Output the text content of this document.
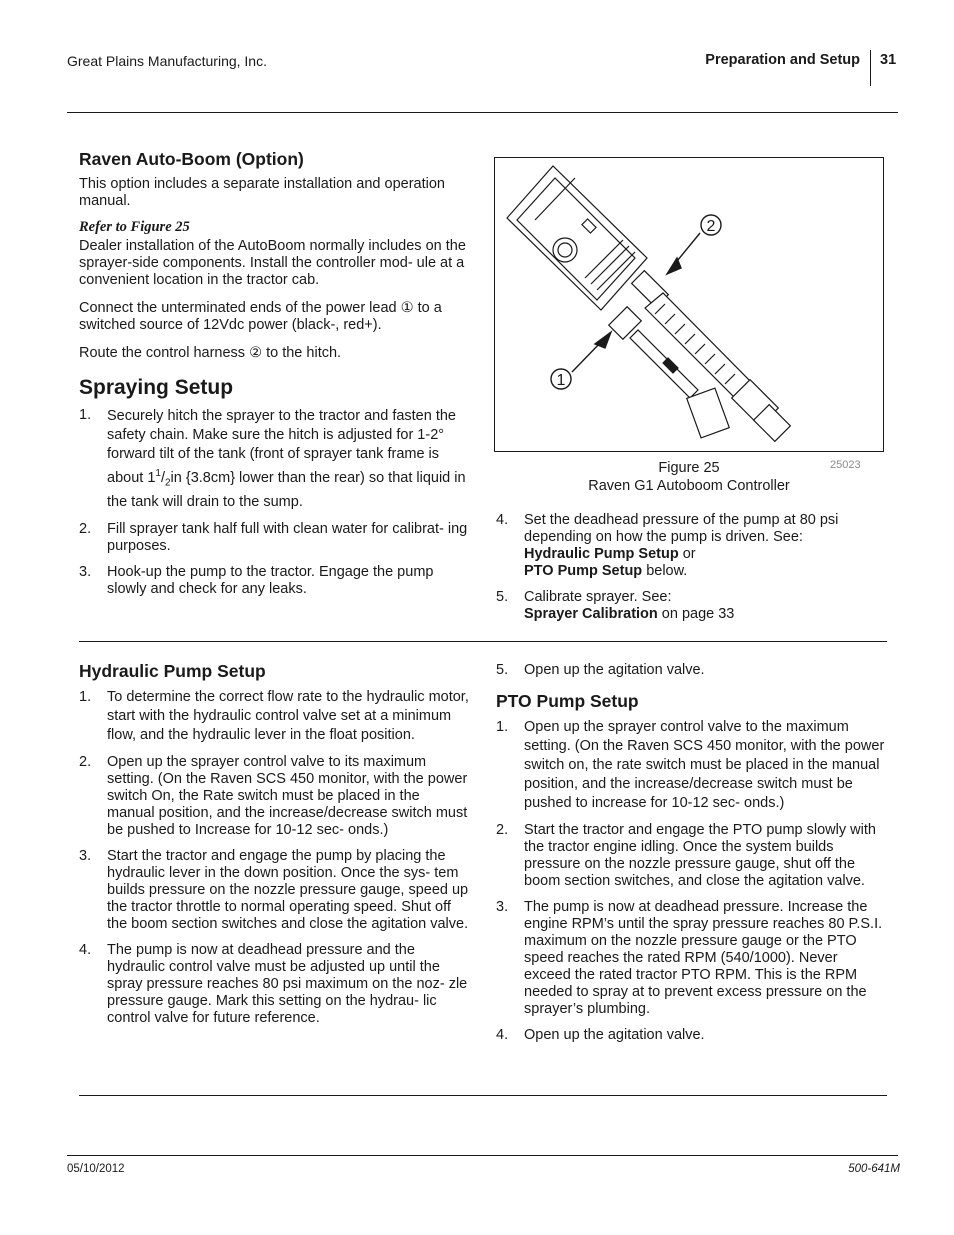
Great Plains Manufacturing, Inc.	Preparation and Setup 31
Raven Auto-Boom (Option)

This option includes a separate installation and operation manual.

Refer to Figure 25

Dealer installation of the AutoBoom normally includes on the sprayer-side components. Install the controller mod- ule at a convenient location in the tractor cab.

Connect the unterminated ends of the power lead ① to a switched source of 12Vdc power (black-, red+).

Route the control harness ② to the hitch.

Spraying Setup
1. Securely hitch the sprayer to the tractor and fasten the safety chain. Make sure the hitch is adjusted for 1-2° forward tilt of the tank (front of sprayer tank frame is about $1^1/_2in$ {3.8cm} lower than the rear) so that liquid in the tank will drain to the sump.
2. Fill sprayer tank half full with clean water for calibrat- ing purposes.
3. Hook-up the pump to the tractor. Engage the pump slowly and check for any leaks.
2
1
Figure 25
Raven G1 Autoboom Controller
25023
4. Set the deadhead pressure of the pump at 80 psi depending on how the pump is driven. See:
Hydraulic Pump Setup or
PTO Pump Setup below.
5. Calibrate sprayer. See:
Sprayer Calibration on page 33
Hydraulic Pump Setup
1. To determine the correct flow rate to the hydraulic motor, start with the hydraulic control valve set at a minimum flow, and the hydraulic lever in the float position.
2. Open up the sprayer control valve to its maximum setting. (On the Raven SCS 450 monitor, with the power switch On, the Rate switch must be placed in the manual position, and the increase/decrease switch must be pushed to Increase for 10-12 sec- onds.)
3. Start the tractor and engage the pump by placing the hydraulic lever in the down position. Once the sys- tem builds pressure on the nozzle pressure gauge, speed up the tractor throttle to normal operating speed. Shut off the boom section switches and close the agitation valve.
4. The pump is now at deadhead pressure and the hydraulic control valve must be adjusted up until the spray pressure reaches 80 psi maximum on the noz- zle pressure gauge. Mark this setting on the hydrau- lic control valve for future reference.
5. Open up the agitation valve.
PTO Pump Setup
1. Open up the sprayer control valve to the maximum setting. (On the Raven SCS 450 monitor, with the power switch on, the rate switch must be placed in the manual position, and the increase/decrease switch must be pushed to increase for 10-12 sec- onds.)
2. Start the tractor and engage the PTO pump slowly with the tractor engine idling. Once the system builds pressure on the nozzle pressure gauge, shut off the boom section switches, and close the agitation valve.
3. The pump is now at deadhead pressure. Increase the engine RPM’s until the spray pressure reaches 80 P.S.I. maximum on the nozzle pressure gauge or the PTO speed reaches the rated RPM (540/1000). Never exceed the rated tractor PTO RPM. This is the RPM needed to spray at to prevent excess pressure on the sprayer’s plumbing.
4. Open up the agitation valve.
05/10/2012	500-641M
